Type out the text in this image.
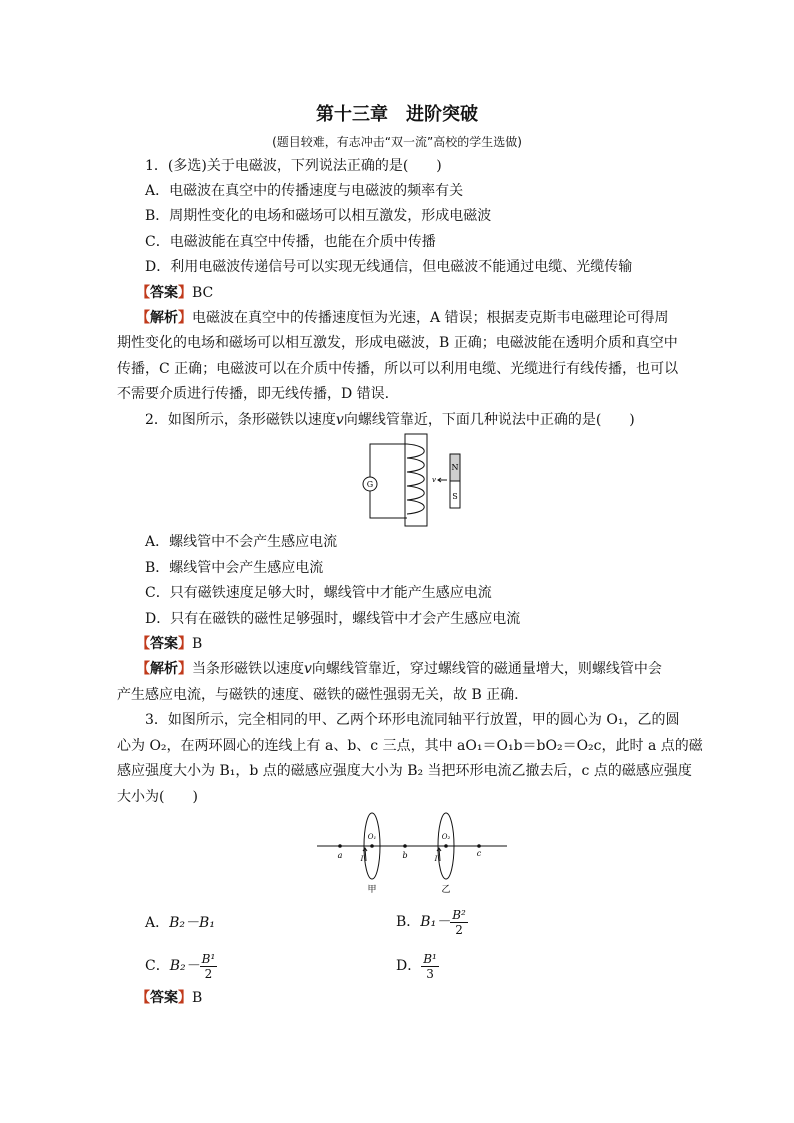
第十三章　进阶突破
(题目较难，有志冲击“双一流”高校的学生选做)
1．(多选)关于电磁波，下列说法正确的是(　　)
A．电磁波在真空中的传播速度与电磁波的频率有关
B．周期性变化的电场和磁场可以相互激发，形成电磁波
C．电磁波能在真空中传播，也能在介质中传播
D．利用电磁波传递信号可以实现无线通信，但电磁波不能通过电缆、光缆传输
【答案】BC
【解析】电磁波在真空中的传播速度恒为光速，A 错误；根据麦克斯韦电磁理论可得周
期性变化的电场和磁场可以相互激发，形成电磁波，B 正确；电磁波能在透明介质和真空中
传播，C 正确；电磁波可以在介质中传播，所以可以利用电缆、光缆进行有线传播，也可以
不需要介质进行传播，即无线传播，D 错误.
2．如图所示，条形磁铁以速度v向螺线管靠近，下面几种说法中正确的是(　　)
G	v
N
S
A．螺线管中不会产生感应电流
B．螺线管中会产生感应电流
C．只有磁铁速度足够大时，螺线管中才能产生感应电流
D．只有在磁铁的磁性足够强时，螺线管中才会产生感应电流
【答案】B
【解析】当条形磁铁以速度v向螺线管靠近，穿过螺线管的磁通量增大，则螺线管中会
产生感应电流，与磁铁的速度、磁铁的磁性强弱无关，故 B 正确.
3．如图所示，完全相同的甲、乙两个环形电流同轴平行放置，甲的圆心为 O₁，乙的圆
心为 O₂，在两环圆心的连线上有 a、b、c 三点，其中 aO₁＝O₁b＝bO₂＝O₂c，此时 a 点的磁
感应强度大小为 B₁，b 点的磁感应强度大小为 B₂ 当把环形电流乙撤去后，c 点的磁感应强度
大小为(　　)
a	b	c
O₁	O₂
I	I
甲	乙
A．B₂－B₁	B．$B_1- \frac{\text{B²}}{2}$
C．$B_2- \frac{\text{B¹}}{2}$	D． $\frac{\text{B¹}}{3}$
【答案】B
